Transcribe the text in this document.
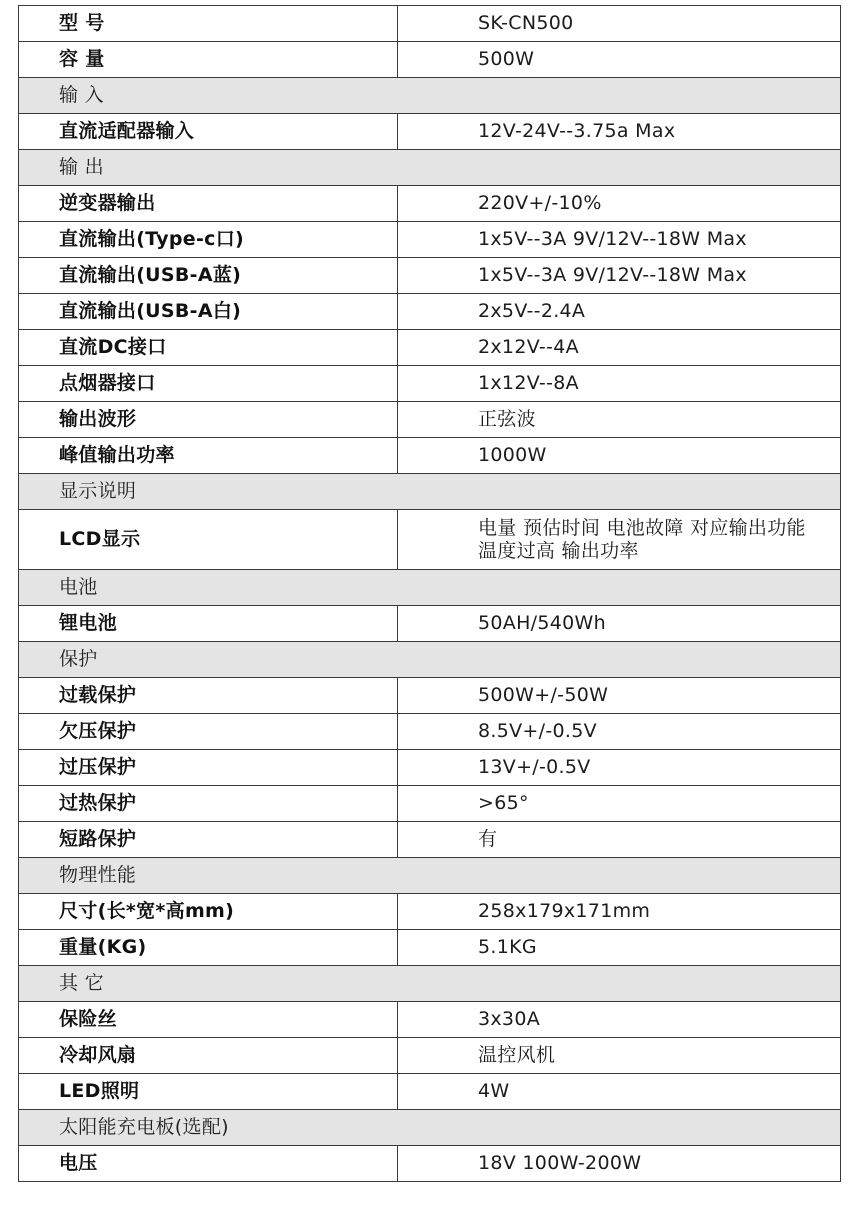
型 号	SK-CN500
容 量	500W
输 入	
直流适配器输入	12V-24V--3.75a Max
输 出	
逆变器输出	220V+/-10%
直流输出(Type-c口)	1x5V--3A 9V/12V--18W Max
直流输出(USB-A蓝)	1x5V--3A 9V/12V--18W Max
直流输出(USB-A白)	2x5V--2.4A
直流DC接口	2x12V--4A
点烟器接口	1x12V--8A
输出波形	正弦波
峰值输出功率	1000W
显示说明	
LCD显示	电量 预估时间 电池故障 对应输出功能
温度过高 输出功率

电池	
锂电池	50AH/540Wh
保护	
过载保护	500W+/-50W
欠压保护	8.5V+/-0.5V
过压保护	13V+/-0.5V
过热保护	>65°
短路保护	有
物理性能	
尺寸(长*宽*高mm)	258x179x171mm
重量(KG)	5.1KG
其 它	
保险丝	3x30A
冷却风扇	温控风机
LED照明	4W
太阳能充电板(选配)	
电压	18V 100W-200W
